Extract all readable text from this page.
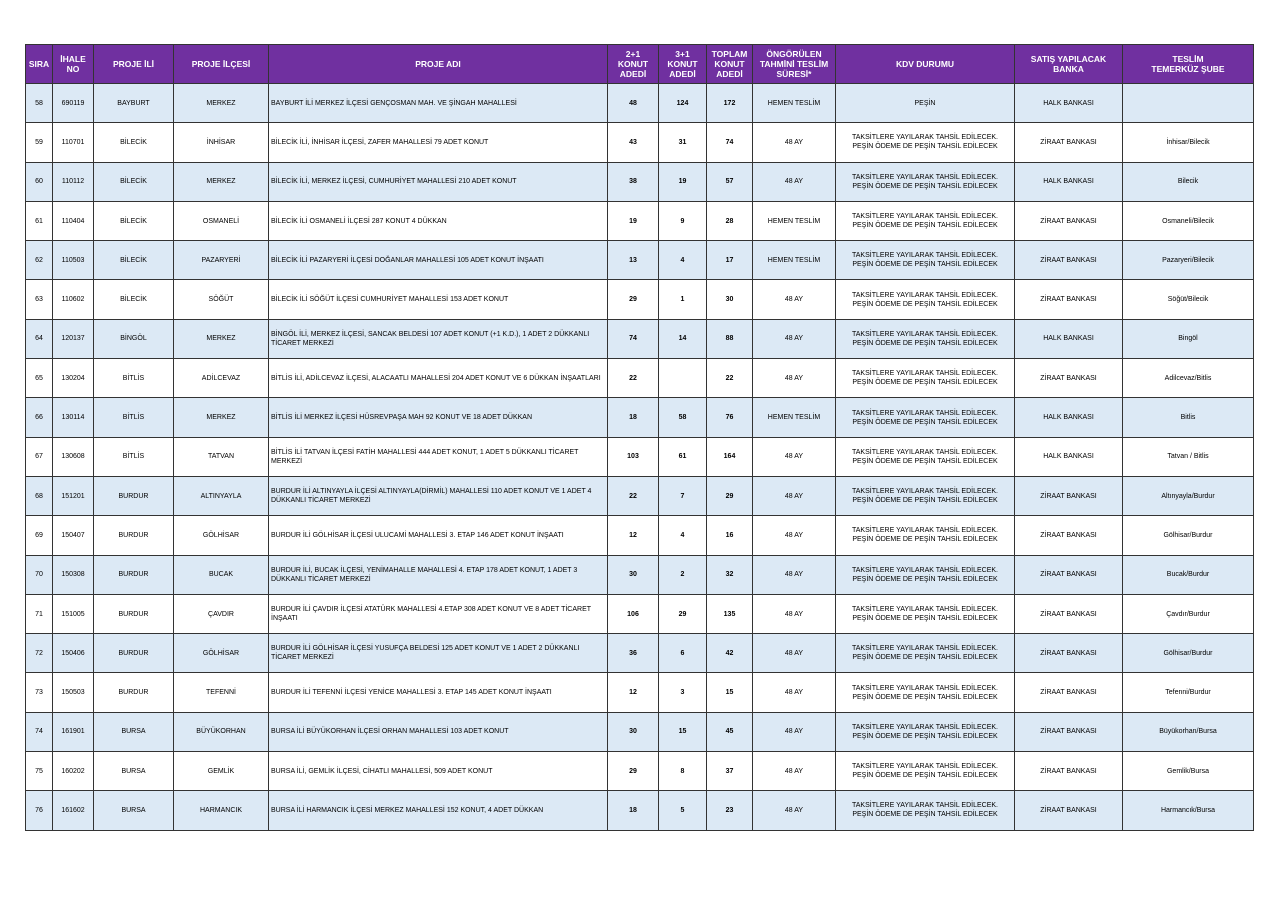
SIRA	İHALE
NO	PROJE İLİ	PROJE İLÇESİ	PROJE ADI	2+1
KONUT
ADEDİ	3+1
KONUT
ADEDİ	TOPLAM
KONUT
ADEDİ	ÖNGÖRÜLEN
TAHMİNİ TESLİM
SÜRESİ*	KDV DURUMU	SATIŞ YAPILACAK
BANKA	TESLİM
TEMERKÜZ ŞUBE

58	690119	BAYBURT	MERKEZ	BAYBURT İLİ MERKEZ İLÇESİ GENÇOSMAN MAH. VE ŞİNGAH MAHALLESİ	48	124	172	HEMEN TESLİM	PEŞİN	HALK BANKASI	
59	110701	BİLECİK	İNHİSAR	BİLECİK İLİ, İNHİSAR İLÇESİ, ZAFER MAHALLESİ 79 ADET KONUT	43	31	74	48 AY	TAKSİTLERE YAYILARAK TAHSİL EDİLECEK.
PEŞİN ÖDEME DE PEŞİN TAHSİL EDİLECEK	ZİRAAT BANKASI	İnhisar/Bilecik
60	110112	BİLECİK	MERKEZ	BİLECİK İLİ, MERKEZ İLÇESİ, CUMHURİYET MAHALLESİ 210 ADET KONUT	38	19	57	48 AY	TAKSİTLERE YAYILARAK TAHSİL EDİLECEK.
PEŞİN ÖDEME DE PEŞİN TAHSİL EDİLECEK	HALK BANKASI	Bilecik
61	110404	BİLECİK	OSMANELİ	BİLECİK İLİ OSMANELİ İLÇESİ 287 KONUT 4 DÜKKAN	19	9	28	HEMEN TESLİM	TAKSİTLERE YAYILARAK TAHSİL EDİLECEK.
PEŞİN ÖDEME DE PEŞİN TAHSİL EDİLECEK	ZİRAAT BANKASI	Osmaneli/Bilecik
62	110503	BİLECİK	PAZARYERİ	BİLECİK İLİ PAZARYERİ İLÇESİ DOĞANLAR MAHALLESİ 105 ADET KONUT İNŞAATI	13	4	17	HEMEN TESLİM	TAKSİTLERE YAYILARAK TAHSİL EDİLECEK.
PEŞİN ÖDEME DE PEŞİN TAHSİL EDİLECEK	ZİRAAT BANKASI	Pazaryeri/Bilecik
63	110602	BİLECİK	SÖĞÜT	BİLECİK İLİ SÖĞÜT İLÇESİ CUMHURİYET MAHALLESİ 153 ADET KONUT	29	1	30	48 AY	TAKSİTLERE YAYILARAK TAHSİL EDİLECEK.
PEŞİN ÖDEME DE PEŞİN TAHSİL EDİLECEK	ZİRAAT BANKASI	Söğüt/Bilecik
64	120137	BİNGÖL	MERKEZ	BİNGÖL İLİ, MERKEZ İLÇESİ, SANCAK BELDESİ 107 ADET KONUT (+1 K.D.), 1 ADET 2 DÜKKANLI TİCARET MERKEZİ	74	14	88	48 AY	TAKSİTLERE YAYILARAK TAHSİL EDİLECEK.
PEŞİN ÖDEME DE PEŞİN TAHSİL EDİLECEK	HALK BANKASI	Bingöl
65	130204	BİTLİS	ADİLCEVAZ	BİTLİS İLİ, ADİLCEVAZ İLÇESİ, ALACAATLI MAHALLESİ 204 ADET KONUT VE 6 DÜKKAN İNŞAATLARI	22		22	48 AY	TAKSİTLERE YAYILARAK TAHSİL EDİLECEK.
PEŞİN ÖDEME DE PEŞİN TAHSİL EDİLECEK	ZİRAAT BANKASI	Adilcevaz/Bitlis
66	130114	BİTLİS	MERKEZ	BİTLİS İLİ MERKEZ İLÇESİ HÜSREVPAŞA MAH 92 KONUT VE 18 ADET DÜKKAN	18	58	76	HEMEN TESLİM	TAKSİTLERE YAYILARAK TAHSİL EDİLECEK.
PEŞİN ÖDEME DE PEŞİN TAHSİL EDİLECEK	HALK BANKASI	Bitlis
67	130608	BİTLİS	TATVAN	BİTLİS İLİ TATVAN İLÇESİ FATİH MAHALLESİ 444 ADET KONUT, 1 ADET 5 DÜKKANLI TİCARET MERKEZİ	103	61	164	48 AY	TAKSİTLERE YAYILARAK TAHSİL EDİLECEK.
PEŞİN ÖDEME DE PEŞİN TAHSİL EDİLECEK	HALK BANKASI	Tatvan / Bitlis
68	151201	BURDUR	ALTINYAYLA	BURDUR İLİ ALTINYAYLA İLÇESİ ALTINYAYLA(DİRMİL) MAHALLESİ 110 ADET KONUT VE 1 ADET 4 DÜKKANLI TİCARET MERKEZİ	22	7	29	48 AY	TAKSİTLERE YAYILARAK TAHSİL EDİLECEK.
PEŞİN ÖDEME DE PEŞİN TAHSİL EDİLECEK	ZİRAAT BANKASI	Altınyayla/Burdur
69	150407	BURDUR	GÖLHİSAR	BURDUR İLİ GÖLHİSAR İLÇESİ ULUCAMİ MAHALLESİ 3. ETAP 146 ADET KONUT İNŞAATI	12	4	16	48 AY	TAKSİTLERE YAYILARAK TAHSİL EDİLECEK.
PEŞİN ÖDEME DE PEŞİN TAHSİL EDİLECEK	ZİRAAT BANKASI	Gölhisar/Burdur
70	150308	BURDUR	BUCAK	BURDUR İLİ, BUCAK İLÇESİ, YENİMAHALLE MAHALLESİ 4. ETAP 178 ADET KONUT, 1 ADET 3 DÜKKANLI TİCARET MERKEZİ	30	2	32	48 AY	TAKSİTLERE YAYILARAK TAHSİL EDİLECEK.
PEŞİN ÖDEME DE PEŞİN TAHSİL EDİLECEK	ZİRAAT BANKASI	Bucak/Burdur
71	151005	BURDUR	ÇAVDIR	BURDUR İLİ ÇAVDIR İLÇESİ ATATÜRK MAHALLESİ 4.ETAP 308 ADET KONUT VE 8 ADET TİCARET İNŞAATI	106	29	135	48 AY	TAKSİTLERE YAYILARAK TAHSİL EDİLECEK.
PEŞİN ÖDEME DE PEŞİN TAHSİL EDİLECEK	ZİRAAT BANKASI	Çavdır/Burdur
72	150406	BURDUR	GÖLHİSAR	BURDUR İLİ GÖLHİSAR İLÇESİ YUSUFÇA BELDESİ 125 ADET KONUT VE 1 ADET 2 DÜKKANLI TİCARET MERKEZİ	36	6	42	48 AY	TAKSİTLERE YAYILARAK TAHSİL EDİLECEK.
PEŞİN ÖDEME DE PEŞİN TAHSİL EDİLECEK	ZİRAAT BANKASI	Gölhisar/Burdur
73	150503	BURDUR	TEFENNİ	BURDUR İLİ TEFENNİ İLÇESİ YENİCE MAHALLESİ 3. ETAP 145 ADET KONUT İNŞAATI	12	3	15	48 AY	TAKSİTLERE YAYILARAK TAHSİL EDİLECEK.
PEŞİN ÖDEME DE PEŞİN TAHSİL EDİLECEK	ZİRAAT BANKASI	Tefenni/Burdur
74	161901	BURSA	BÜYÜKORHAN	BURSA İLİ BÜYÜKORHAN İLÇESİ ORHAN MAHALLESİ 103 ADET KONUT	30	15	45	48 AY	TAKSİTLERE YAYILARAK TAHSİL EDİLECEK.
PEŞİN ÖDEME DE PEŞİN TAHSİL EDİLECEK	ZİRAAT BANKASI	Büyükorhan/Bursa
75	160202	BURSA	GEMLİK	BURSA İLİ, GEMLİK İLÇESİ, CİHATLI MAHALLESİ, 509 ADET KONUT	29	8	37	48 AY	TAKSİTLERE YAYILARAK TAHSİL EDİLECEK.
PEŞİN ÖDEME DE PEŞİN TAHSİL EDİLECEK	ZİRAAT BANKASI	Gemlik/Bursa
76	161602	BURSA	HARMANCIK	BURSA İLİ HARMANCIK İLÇESİ MERKEZ MAHALLESİ 152 KONUT, 4 ADET DÜKKAN	18	5	23	48 AY	TAKSİTLERE YAYILARAK TAHSİL EDİLECEK.
PEŞİN ÖDEME DE PEŞİN TAHSİL EDİLECEK	ZİRAAT BANKASI	Harmancık/Bursa
